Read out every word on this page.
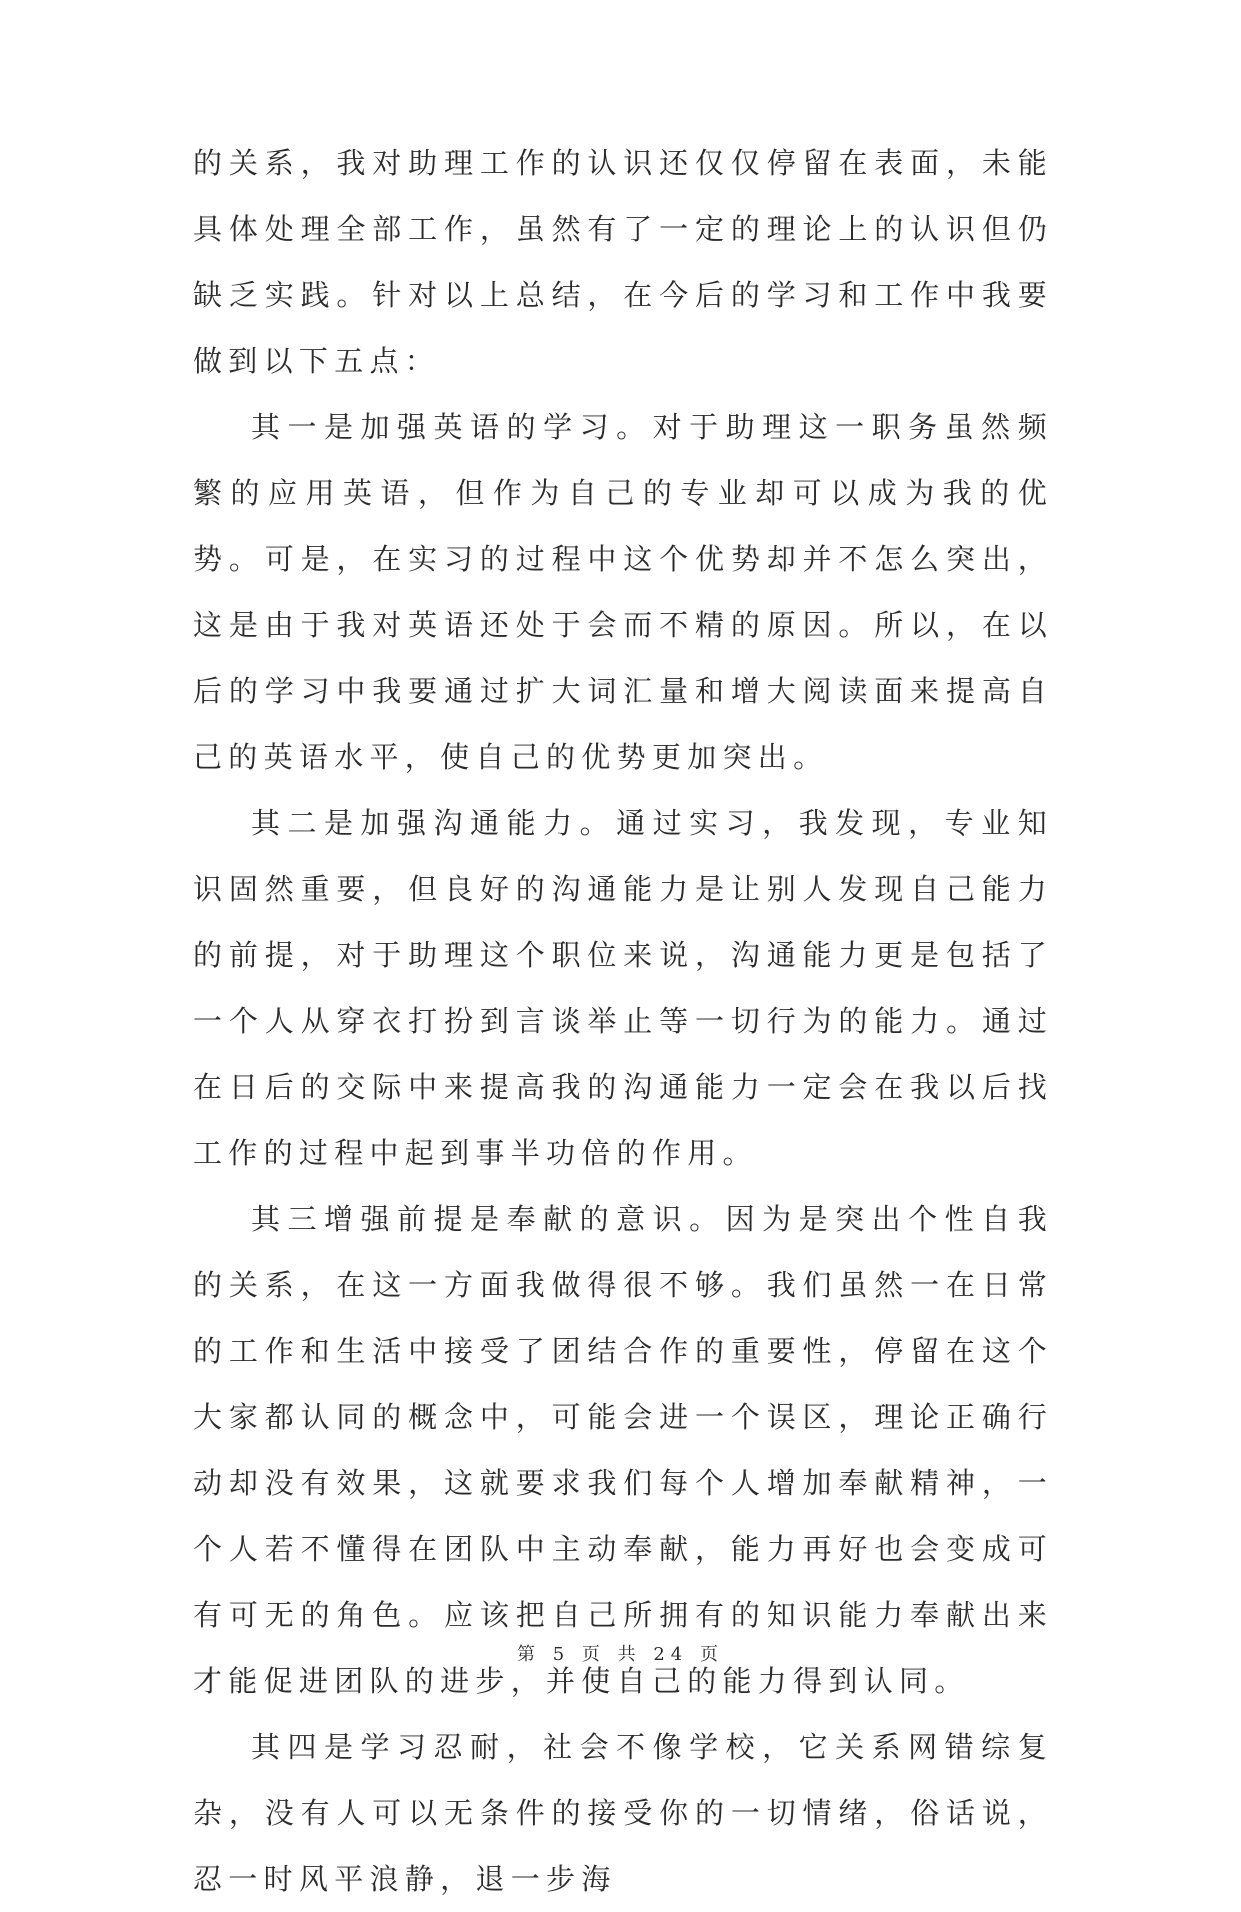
的关系，我对助理工作的认识还仅仅停留在表面，未能具体处理全部工作，虽然有了一定的理论上的认识但仍缺乏实践。针对以上总结，在今后的学习和工作中我要做到以下五点：

其一是加强英语的学习。对于助理这一职务虽然频繁的应用英语，但作为自己的专业却可以成为我的优势。可是，在实习的过程中这个优势却并不怎么突出，这是由于我对英语还处于会而不精的原因。所以，在以后的学习中我要通过扩大词汇量和增大阅读面来提高自己的英语水平，使自己的优势更加突出。

其二是加强沟通能力。通过实习，我发现，专业知识固然重要，但良好的沟通能力是让别人发现自己能力的前提，对于助理这个职位来说，沟通能力更是包括了一个人从穿衣打扮到言谈举止等一切行为的能力。通过在日后的交际中来提高我的沟通能力一定会在我以后找工作的过程中起到事半功倍的作用。

其三增强前提是奉献的意识。因为是突出个性自我的关系，在这一方面我做得很不够。我们虽然一在日常的工作和生活中接受了团结合作的重要性，停留在这个大家都认同的概念中，可能会进一个误区，理论正确行动却没有效果，这就要求我们每个人增加奉献精神，一个人若不懂得在团队中主动奉献，能力再好也会变成可有可无的角色。应该把自己所拥有的知识能力奉献出来才能促进团队的进步，并使自己的能力得到认同。

其四是学习忍耐，社会不像学校，它关系网错综复杂，没有人可以无条件的接受你的一切情绪，俗话说，忍一时风平浪静，退一步海

第 5 页 共 24 页
